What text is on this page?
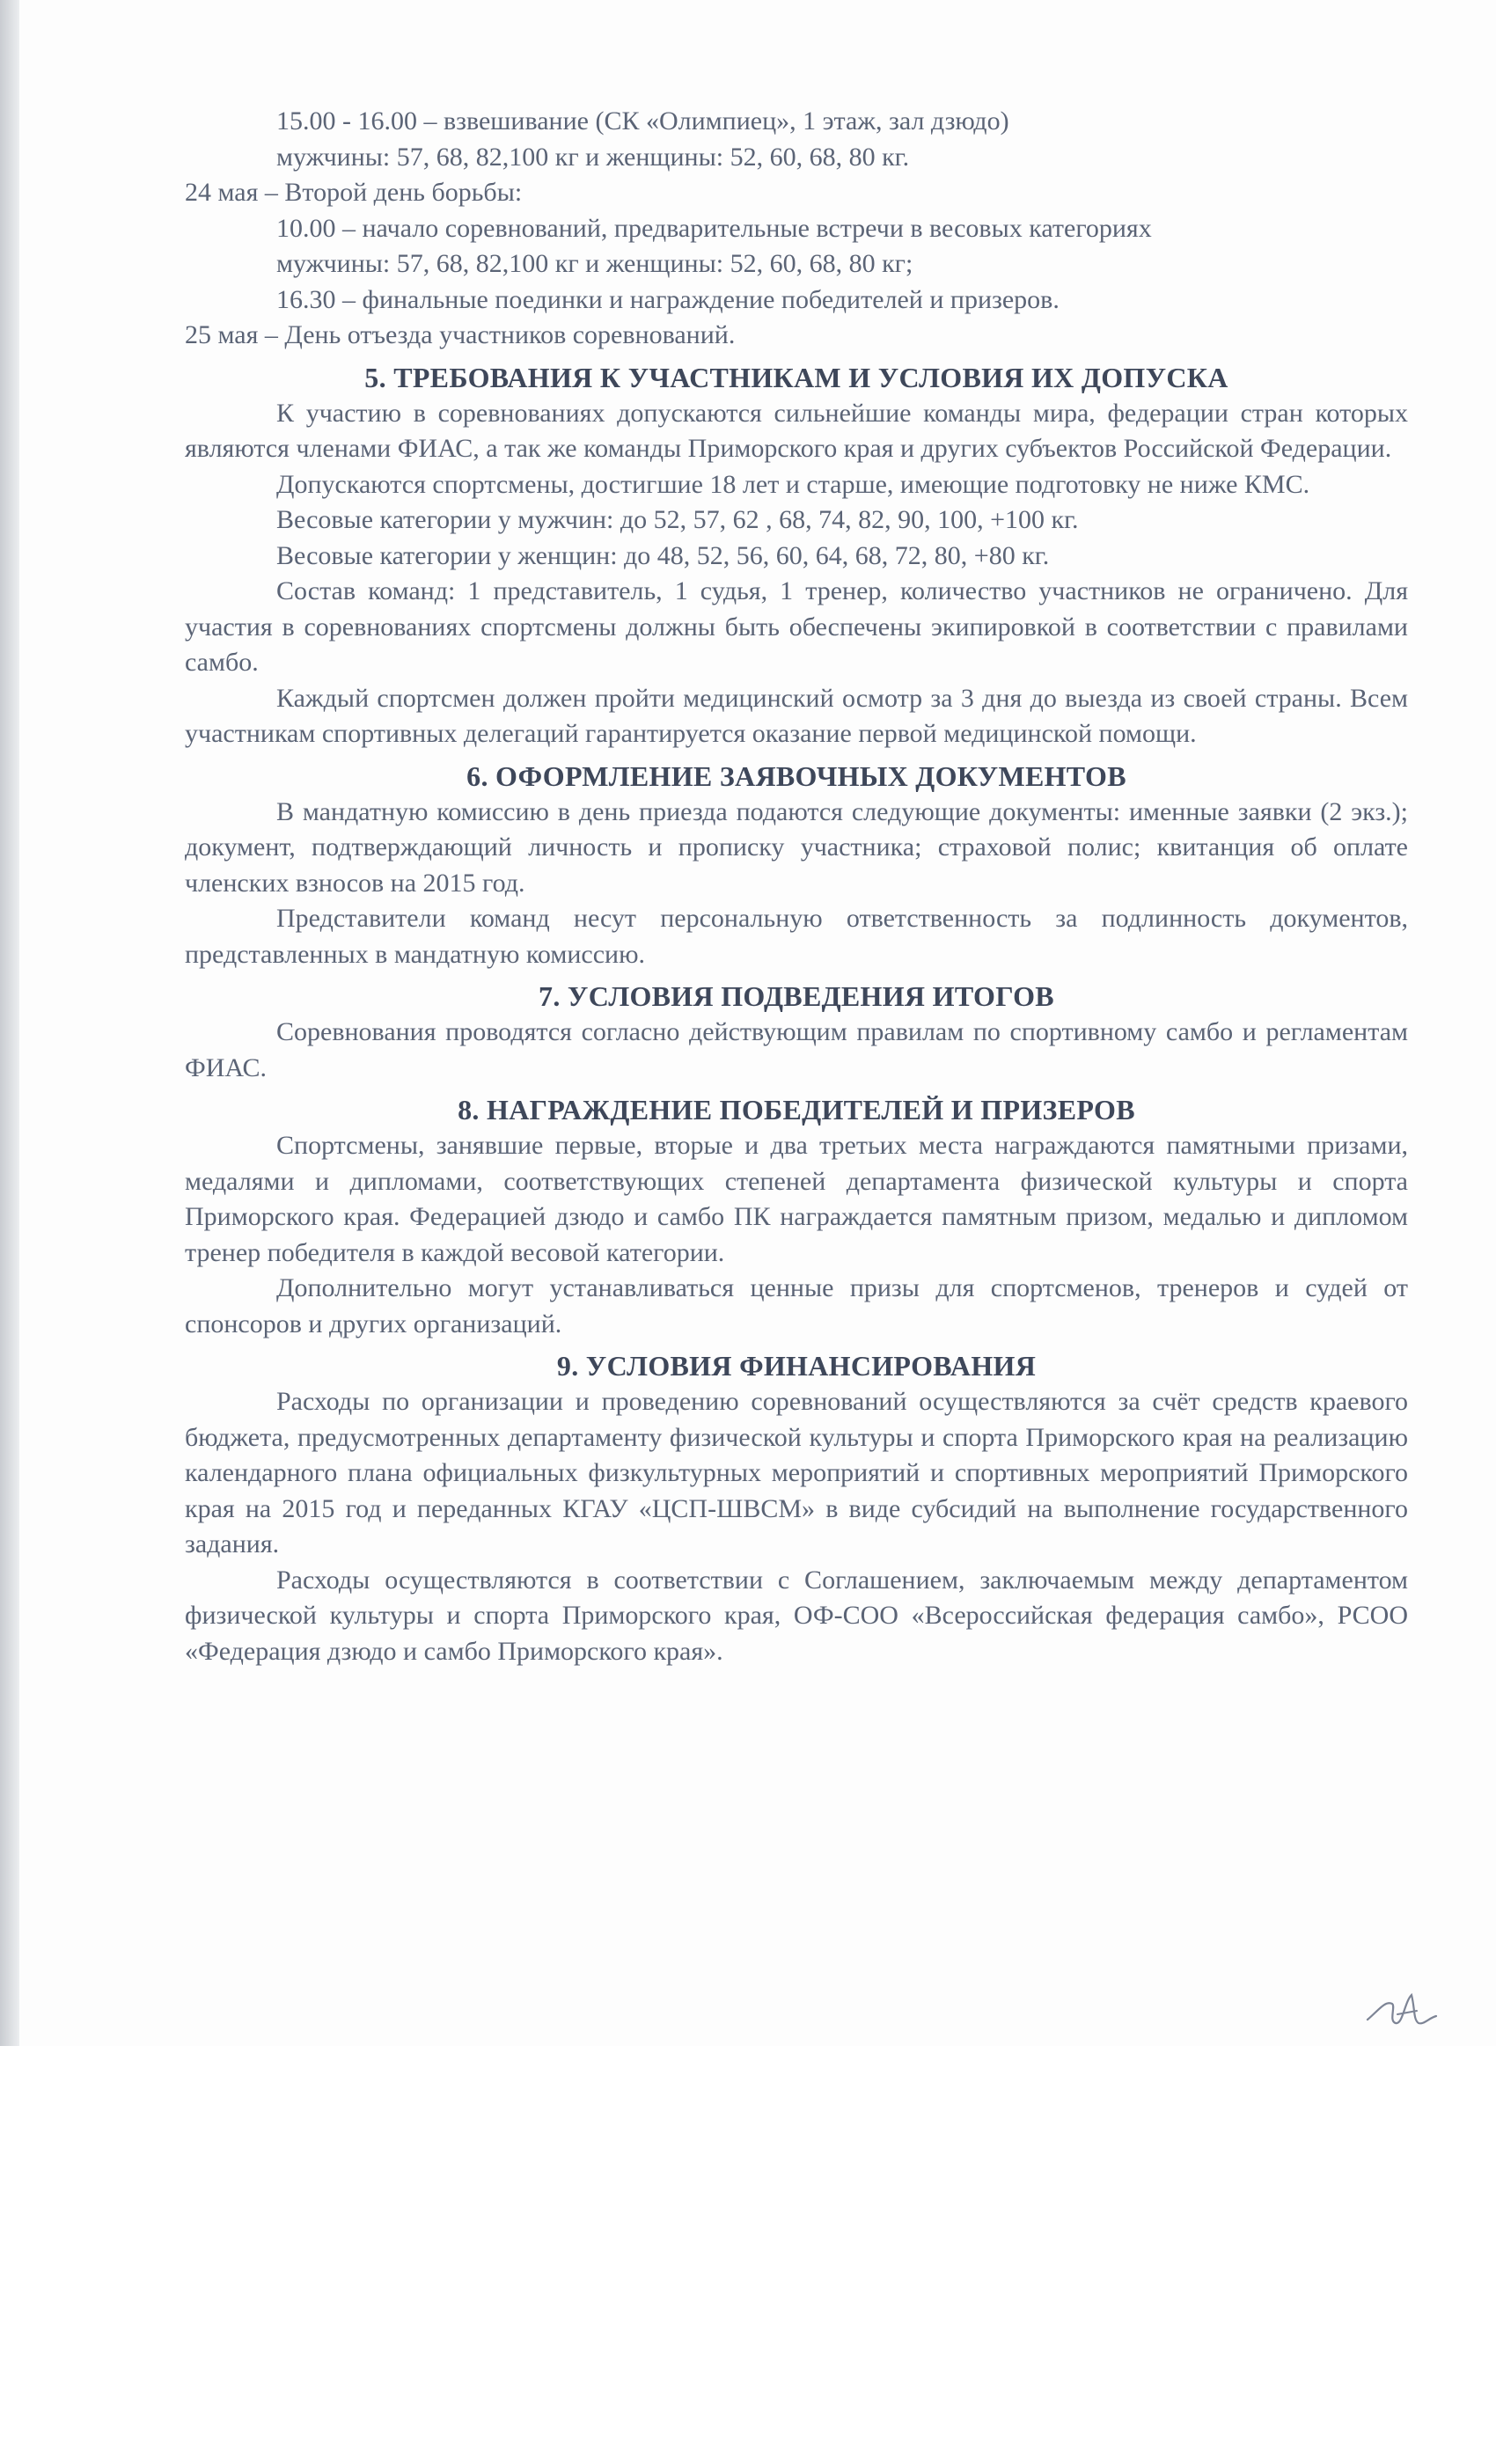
15.00 - 16.00 – взвешивание (СК «Олимпиец», 1 этаж, зал дзюдо)
мужчины: 57, 68, 82,100 кг и женщины: 52, 60, 68, 80 кг.
24 мая – Второй день борьбы:
10.00 – начало соревнований, предварительные встречи в весовых категориях
мужчины: 57, 68, 82,100 кг и женщины: 52, 60, 68, 80 кг;
16.30 – финальные поединки и награждение победителей и призеров.
25 мая – День отъезда участников соревнований.
5. ТРЕБОВАНИЯ К УЧАСТНИКАМ И УСЛОВИЯ ИХ ДОПУСКА

К участию в соревнованиях допускаются сильнейшие команды мира, федерации стран которых являются членами ФИАС, а так же команды Приморского края и других субъектов Российской Федерации.

Допускаются спортсмены, достигшие 18 лет и старше, имеющие подготовку не ниже КМС.

Весовые категории у мужчин: до 52, 57, 62 , 68, 74, 82, 90, 100, +100 кг.

Весовые категории у женщин: до 48, 52, 56, 60, 64, 68, 72, 80, +80 кг.

Состав команд: 1 представитель, 1 судья, 1 тренер, количество участников не ограничено. Для участия в соревнованиях спортсмены должны быть обеспечены экипировкой в соответствии с правилами самбо.

Каждый спортсмен должен пройти медицинский осмотр за 3 дня до выезда из своей страны. Всем участникам спортивных делегаций гарантируется оказание первой медицинской помощи.

6. ОФОРМЛЕНИЕ ЗАЯВОЧНЫХ ДОКУМЕНТОВ

В мандатную комиссию в день приезда подаются следующие документы: именные заявки (2 экз.); документ, подтверждающий личность и прописку участника; страховой полис; квитанция об оплате членских взносов на 2015 год.

Представители команд несут персональную ответственность за подлинность документов, представленных в мандатную комиссию.

7. УСЛОВИЯ ПОДВЕДЕНИЯ ИТОГОВ

Соревнования проводятся согласно действующим правилам по спортивному самбо и регламентам ФИАС.

8. НАГРАЖДЕНИЕ ПОБЕДИТЕЛЕЙ И ПРИЗЕРОВ

Спортсмены, занявшие первые, вторые и два третьих места награждаются памятными призами, медалями и дипломами, соответствующих степеней департамента физической культуры и спорта Приморского края. Федерацией дзюдо и самбо ПК награждается памятным призом, медалью и дипломом тренер победителя в каждой весовой категории.

Дополнительно могут устанавливаться ценные призы для спортсменов, тренеров и судей от спонсоров и других организаций.

9. УСЛОВИЯ ФИНАНСИРОВАНИЯ

Расходы по организации и проведению соревнований осуществляются за счёт средств краевого бюджета, предусмотренных департаменту физической культуры и спорта Приморского края на реализацию календарного плана официальных физкультурных мероприятий и спортивных мероприятий Приморского края на 2015 год и переданных КГАУ «ЦСП-ШВСМ» в виде субсидий на выполнение государственного задания.

Расходы осуществляются в соответствии с Соглашением, заключаемым между департаментом физической культуры и спорта Приморского края, ОФ-СОО «Всероссийская федерация самбо», РСОО «Федерация дзюдо и самбо Приморского края».
